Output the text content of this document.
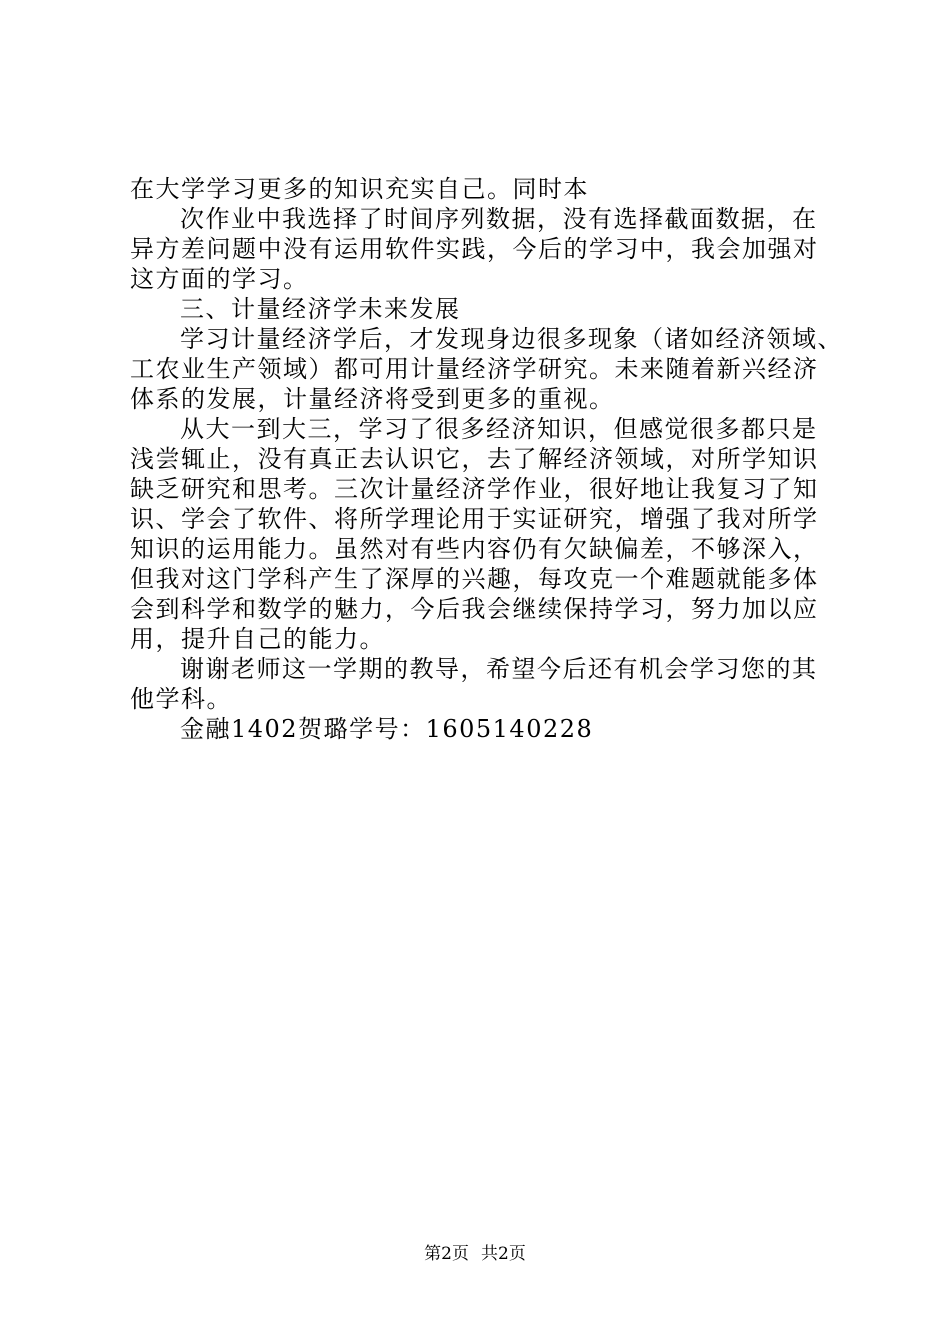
在大学学习更多的知识充实自己。同时本
次作业中我选择了时间序列数据，没有选择截面数据，在
异方差问题中没有运用软件实践，今后的学习中，我会加强对
这方面的学习。
三、计量经济学未来发展
学习计量经济学后，才发现身边很多现象（诸如经济领域、
工农业生产领域）都可用计量经济学研究。未来随着新兴经济
体系的发展，计量经济将受到更多的重视。
从大一到大三，学习了很多经济知识，但感觉很多都只是
浅尝辄止，没有真正去认识它，去了解经济领域，对所学知识
缺乏研究和思考。三次计量经济学作业，很好地让我复习了知
识、学会了软件、将所学理论用于实证研究，增强了我对所学
知识的运用能力。虽然对有些内容仍有欠缺偏差，不够深入，
但我对这门学科产生了深厚的兴趣，每攻克一个难题就能多体
会到科学和数学的魅力，今后我会继续保持学习，努力加以应
用，提升自己的能力。
谢谢老师这一学期的教导，希望今后还有机会学习您的其
他学科。
金融1402贺璐学号：1605140228
第2页 共2页
